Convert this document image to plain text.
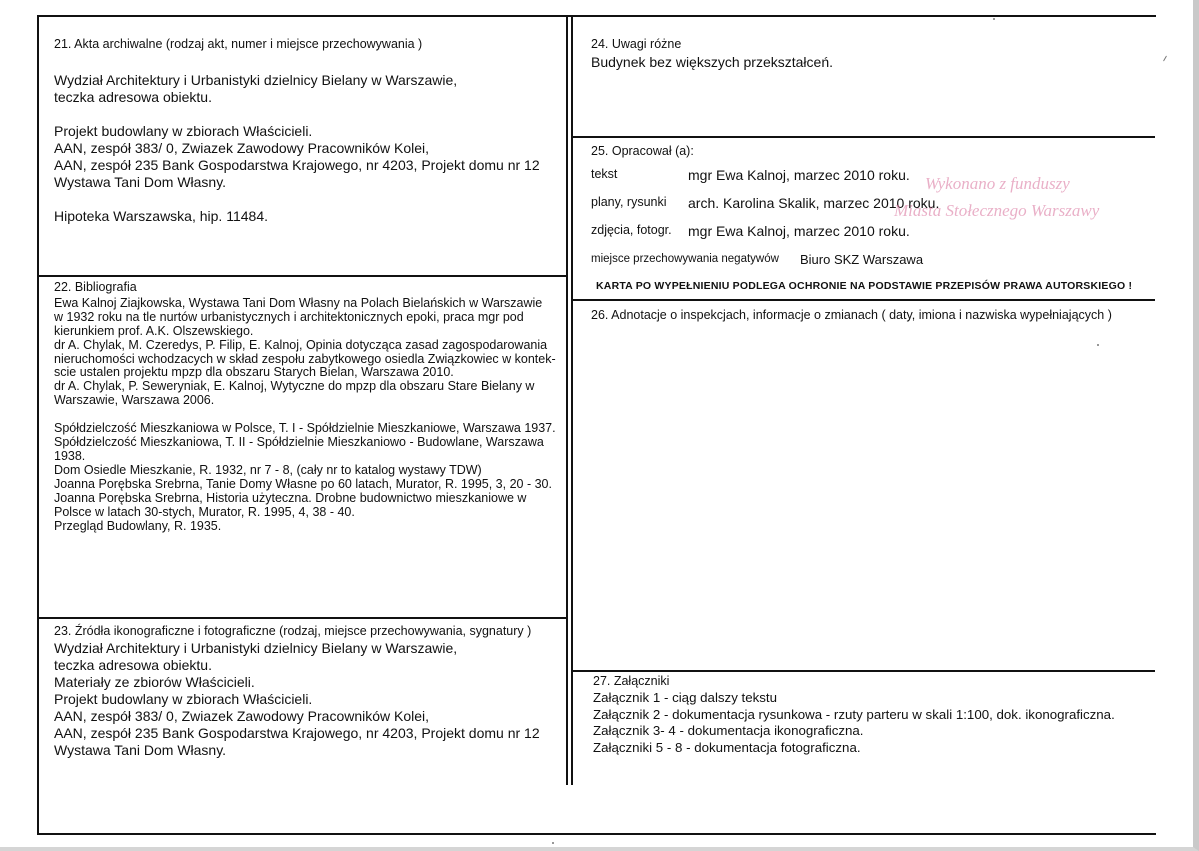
21. Akta archiwalne (rodzaj akt, numer i miejsce przechowywania )

Wydział Architektury i Urbanistyki dzielnicy Bielany w Warszawie,

teczka adresowa obiektu.

Projekt budowlany w zbiorach Właścicieli.

AAN, zespół 383/ 0, Zwiazek Zawodowy Pracowników Kolei,

AAN, zespół 235 Bank Gospodarstwa Krajowego, nr 4203, Projekt domu nr 12

Wystawa Tani Dom Własny.

Hipoteka Warszawska, hip. 11484.

22. Bibliografia

Ewa Kalnoj Ziajkowska, Wystawa Tani Dom Własny na Polach Bielańskich w Warszawie

w 1932 roku na tle nurtów urbanistycznych i architektonicznych epoki, praca mgr pod

kierunkiem prof. A.K. Olszewskiego.

dr A. Chylak, M. Czeredys, P. Filip, E. Kalnoj, Opinia dotycząca zasad zagospodarowania

nieruchomości wchodzacych w skład zespołu zabytkowego osiedla Związkowiec w kontek-

scie ustalen projektu mpzp dla obszaru Starych Bielan, Warszawa 2010.

dr A. Chylak, P. Seweryniak, E. Kalnoj, Wytyczne do mpzp dla obszaru Stare Bielany w

Warszawie, Warszawa 2006.

Spółdzielczość Mieszkaniowa w Polsce, T. I - Spółdzielnie Mieszkaniowe, Warszawa 1937.

Spółdzielczość Mieszkaniowa, T. II - Spółdzielnie Mieszkaniowo - Budowlane, Warszawa

1938.

Dom Osiedle Mieszkanie, R. 1932, nr 7 - 8, (cały nr to katalog wystawy TDW)

Joanna Porębska Srebrna, Tanie Domy Własne po 60 latach, Murator, R. 1995, 3, 20 - 30.

Joanna Porębska Srebrna, Historia użyteczna. Drobne budownictwo mieszkaniowe w

Polsce w latach 30-stych, Murator, R. 1995, 4, 38 - 40.

Przegląd Budowlany, R. 1935.

23. Źródła ikonograficzne i fotograficzne (rodzaj, miejsce przechowywania, sygnatury )

Wydział Architektury i Urbanistyki dzielnicy Bielany w Warszawie,

teczka adresowa obiektu.

Materiały ze zbiorów Właścicieli.

Projekt budowlany w zbiorach Właścicieli.

AAN, zespół 383/ 0, Zwiazek Zawodowy Pracowników Kolei,

AAN, zespół 235 Bank Gospodarstwa Krajowego, nr 4203, Projekt domu nr 12

Wystawa Tani Dom Własny.

24. Uwagi różne
Budynek bez większych przekształceń.
25. Opracował (a):
tekst	mgr Ewa Kalnoj, marzec 2010 roku.
plany, rysunki arch. Karolina Skalik, marzec 2010 roku.
zdjęcia, fotogr. mgr Ewa Kalnoj, marzec 2010 roku.
miejsce przechowywania negatywów Biuro SKZ Warszawa
KARTA PO WYPEŁNIENIU PODLEGA OCHRONIE NA PODSTAWIE PRZEPISÓW PRAWA AUTORSKIEGO !
Wykonano z funduszy
Miasta Stołecznego Warszawy
26. Adnotacje o inspekcjach, informacje o zmianach ( daty, imiona i nazwiska wypełniających )
27. Załączniki

Załącznik 1 - ciąg dalszy tekstu

Załącznik 2 - dokumentacja rysunkowa - rzuty parteru w skali 1:100, dok. ikonograficzna.

Załącznik 3- 4 - dokumentacja ikonograficzna.

Załączniki 5 - 8 - dokumentacja fotograficzna.
